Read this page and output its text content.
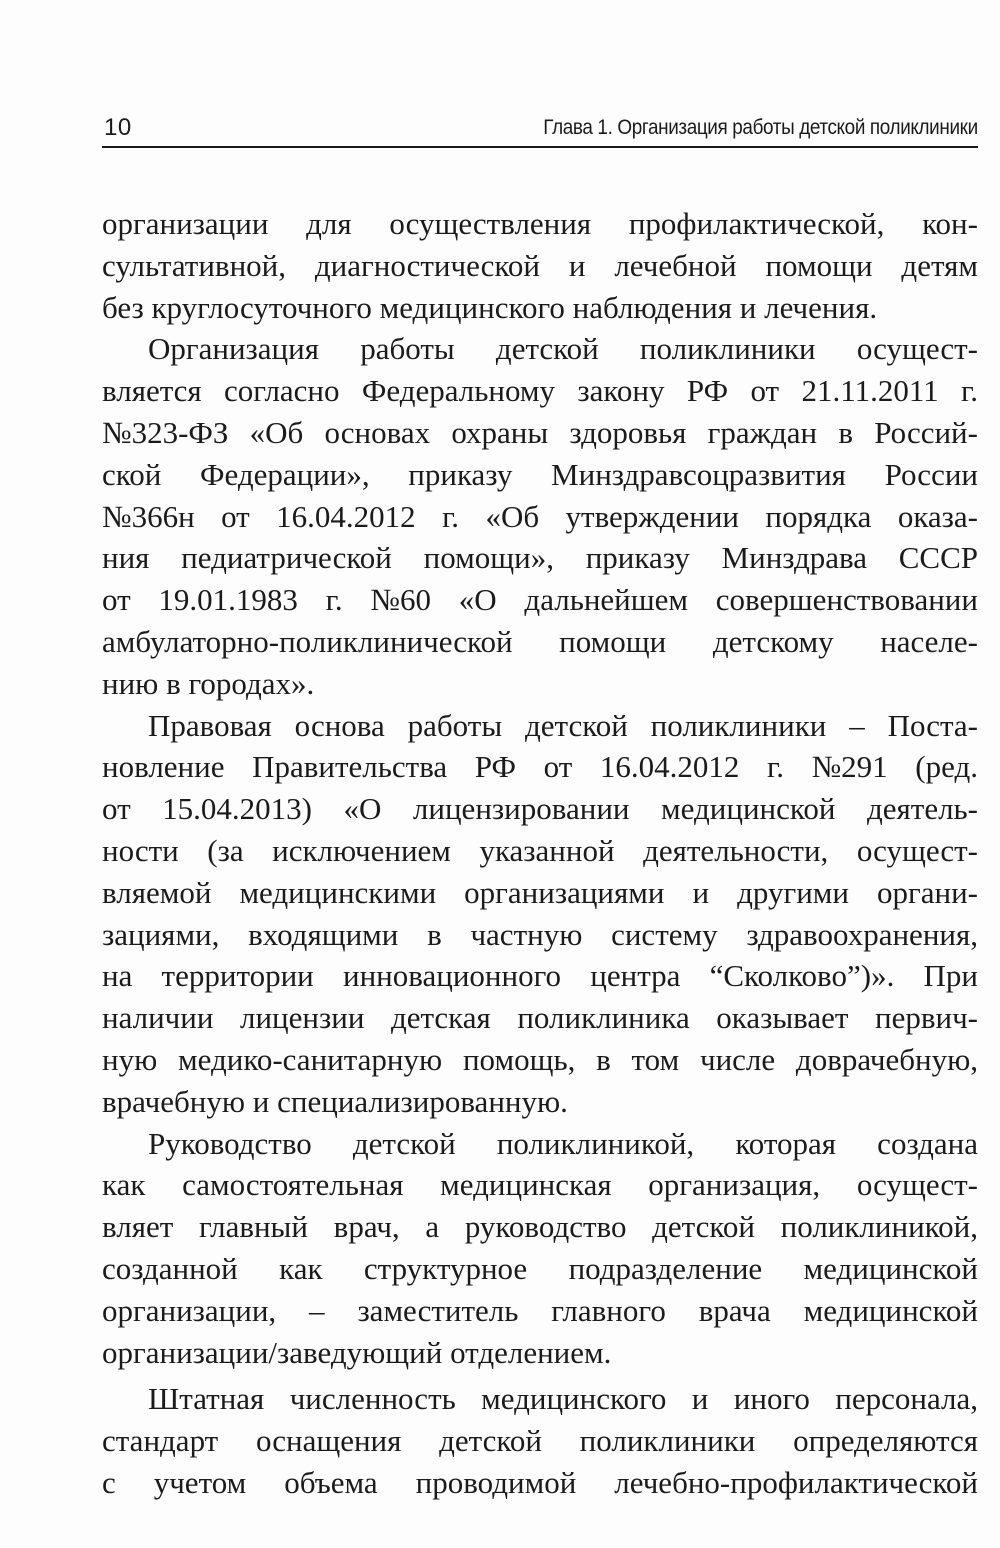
10	Глава 1. Организация работы детской поликлиники

организации для осуществления профилактической, кон-
сультативной, диагностической и лечебной помощи детям
без круглосуточного медицинского наблюдения и лечения.

Организация работы детской поликлиники осущест-
вляется согласно Федеральному закону РФ от 21.11.2011 г.
№323-ФЗ «Об основах охраны здоровья граждан в Россий-
ской Федерации», приказу Минздравсоцразвития России
№366н от 16.04.2012 г. «Об утверждении порядка оказа-
ния педиатрической помощи», приказу Минздрава СССР
от 19.01.1983 г. №60 «О дальнейшем совершенствовании
амбулаторно-поликлинической помощи детскому населе-
нию в городах».

Правовая основа работы детской поликлиники – Поста-
новление Правительства РФ от 16.04.2012 г. №291 (ред.
от 15.04.2013) «О лицензировании медицинской деятель-
ности (за исключением указанной деятельности, осущест-
вляемой медицинскими организациями и другими органи-
зациями, входящими в частную систему здравоохранения,
на территории инновационного центра “Сколково”)». При
наличии лицензии детская поликлиника оказывает первич-
ную медико-санитарную помощь, в том числе доврачебную,
врачебную и специализированную.

Руководство детской поликлиникой, которая создана
как самостоятельная медицинская организация, осущест-
вляет главный врач, а руководство детской поликлиникой,
созданной как структурное подразделение медицинской
организации, – заместитель главного врача медицинской
организации/заведующий отделением.

Штатная численность медицинского и иного персонала,
стандарт оснащения детской поликлиники определяются
с учетом объема проводимой лечебно-профилактической
